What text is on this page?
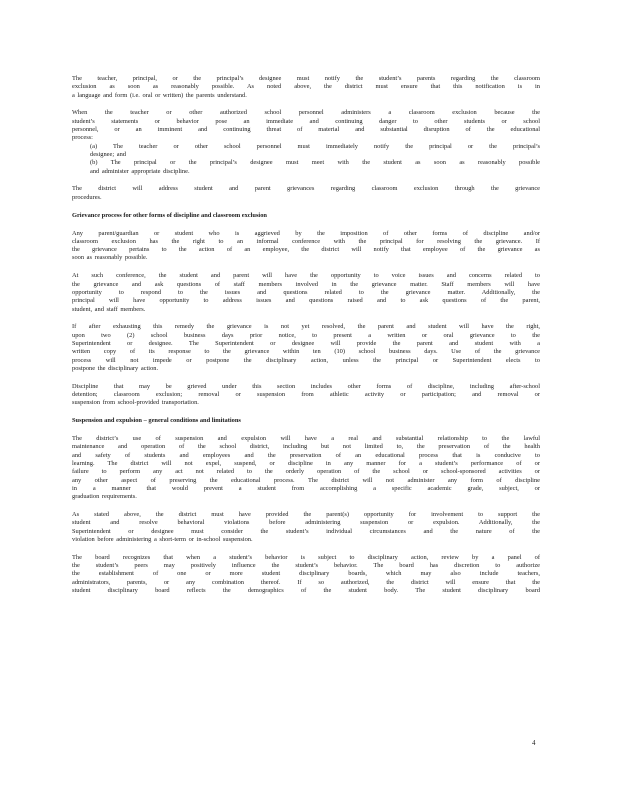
The teacher, principal, or the principal’s designee must notify the student’s parents regarding the classroom
exclusion as soon as reasonably possible. As noted above, the district must ensure that this notification is in
a language and form (i.e. oral or written) the parents understand.
When the teacher or other authorized school personnel administers a classroom exclusion because the
student’s statements or behavior pose an immediate and continuing danger to other students or school
personnel, or an imminent and continuing threat of material and substantial disruption of the educational
process:
(a) The teacher or other school personnel must immediately notify the principal or the principal’s
designee; and
(b) The principal or the principal’s designee must meet with the student as soon as reasonably possible
and administer appropriate discipline.
The district will address student and parent grievances regarding classroom exclusion through the grievance
procedures.
Grievance process for other forms of discipline and classroom exclusion
Any parent/guardian or student who is aggrieved by the imposition of other forms of discipline and/or
classroom exclusion has the right to an informal conference with the principal for resolving the grievance. If
the grievance pertains to the action of an employee, the district will notify that employee of the grievance as
soon as reasonably possible.
At such conference, the student and parent will have the opportunity to voice issues and concerns related to
the grievance and ask questions of staff members involved in the grievance matter. Staff members will have
opportunity to respond to the issues and questions related to the grievance matter. Additionally, the
principal will have opportunity to address issues and questions raised and to ask questions of the parent,
student, and staff members.
If after exhausting this remedy the grievance is not yet resolved, the parent and student will have the right,
upon two (2) school business days prior notice, to present a written or oral grievance to the
Superintendent or designee. The Superintendent or designee will provide the parent and student with a
written copy of its response to the grievance within ten (10) school business days. Use of the grievance
process will not impede or postpone the disciplinary action, unless the principal or Superintendent elects to
postpone the disciplinary action.
Discipline that may be grieved under this section includes other forms of discipline, including after-school
detention; classroom exclusion; removal or suspension from athletic activity or participation; and removal or
suspension from school-provided transportation.
Suspension and expulsion – general conditions and limitations
The district’s use of suspension and expulsion will have a real and substantial relationship to the lawful
maintenance and operation of the school district, including but not limited to, the preservation of the health
and safety of students and employees and the preservation of an educational process that is conducive to
learning. The district will not expel, suspend, or discipline in any manner for a student’s performance of or
failure to perform any act not related to the orderly operation of the school or school-sponsored activities or
any other aspect of preserving the educational process. The district will not administer any form of discipline
in a manner that would prevent a student from accomplishing a specific academic grade, subject, or
graduation requirements.
As stated above, the district must have provided the parent(s) opportunity for involvement to support the
student and resolve behavioral violations before administering suspension or expulsion. Additionally, the
Superintendent or designee must consider the student’s individual circumstances and the nature of the
violation before administering a short-term or in-school suspension.
The board recognizes that when a student’s behavior is subject to disciplinary action, review by a panel of
the student’s peers may positively influence the student’s behavior. The board has discretion to authorize
the establishment of one or more student disciplinary boards, which may also include teachers,
administrators, parents, or any combination thereof. If so authorized, the district will ensure that the
student disciplinary board reflects the demographics of the student body. The student disciplinary board
4
